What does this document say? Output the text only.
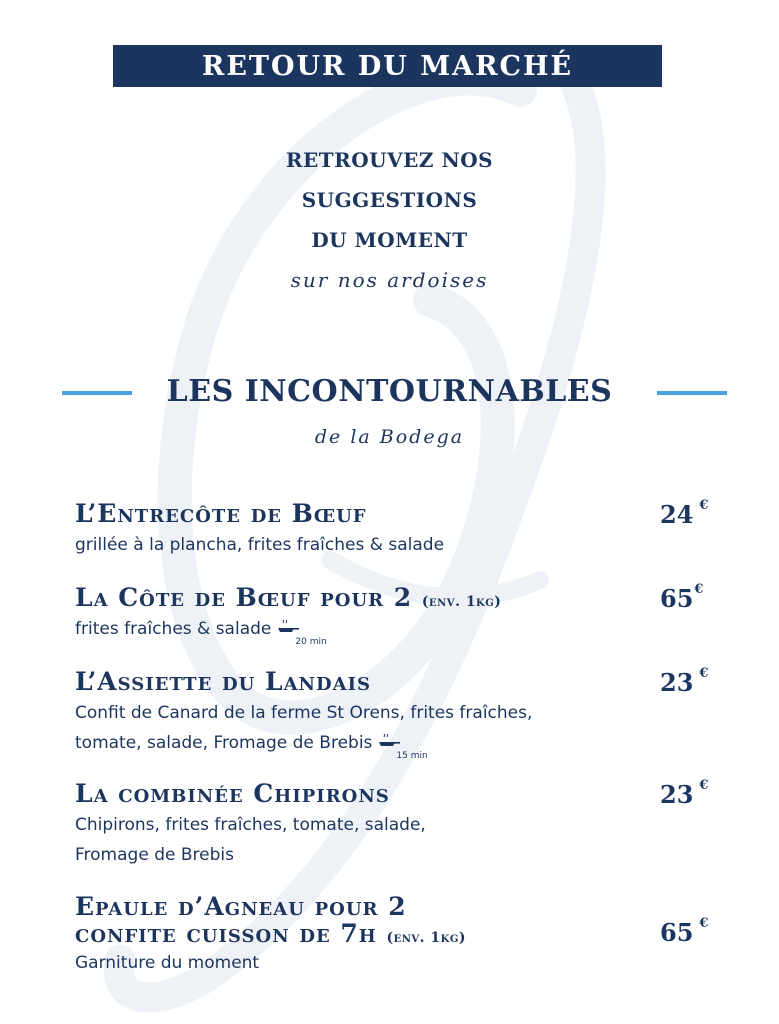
RETOUR DU MARCHÉ
RETROUVEZ NOS
SUGGESTIONS
DU MOMENT
sur nos ardoises
LES INCONTOURNABLES
de la Bodega
L’Entrecôte de Bœuf	24 €
grillée à la plancha, frites fraîches & salade
La Côte de Bœuf pour 2 (env. 1kg)	65€
frites fraîches & salade
20 min
L’Assiette du Landais	23 €
Confit de Canard de la ferme St Orens, frites fraîches,
tomate, salade, Fromage de Brebis
15 min
La combinée Chipirons	23 €
Chipirons, frites fraîches, tomate, salade,
Fromage de Brebis
Epaule d’Agneau pour 2
confite cuisson de 7h (env. 1kg)	65 €
Garniture du moment
